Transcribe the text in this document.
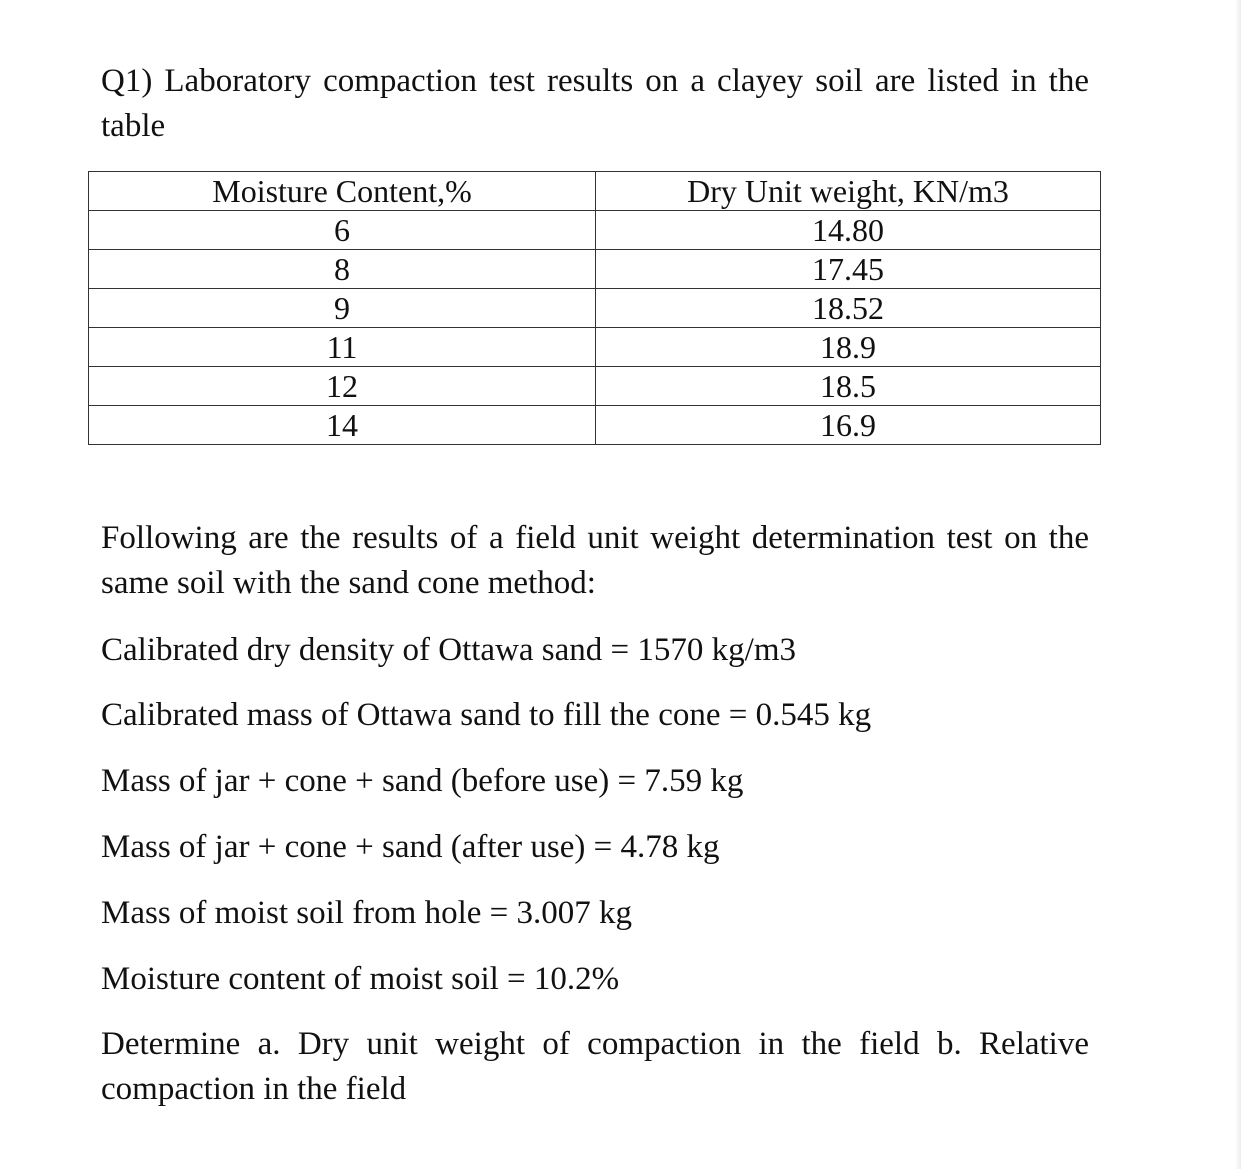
Q1) Laboratory compaction test results on a clayey soil are listed in the table

Moisture Content,%	Dry Unit weight, KN/m3
6	14.80
8	17.45
9	18.52
11	18.9
12	18.5
14	16.9

Following are the results of a field unit weight determination test on the same soil with the sand cone method:

Calibrated dry density of Ottawa sand = 1570 kg/m3

Calibrated mass of Ottawa sand to fill the cone = 0.545 kg

Mass of jar + cone + sand (before use) = 7.59 kg

Mass of jar + cone + sand (after use) = 4.78 kg

Mass of moist soil from hole = 3.007 kg

Moisture content of moist soil = 10.2%

Determine a. Dry unit weight of compaction in the field b. Relative compaction in the field
